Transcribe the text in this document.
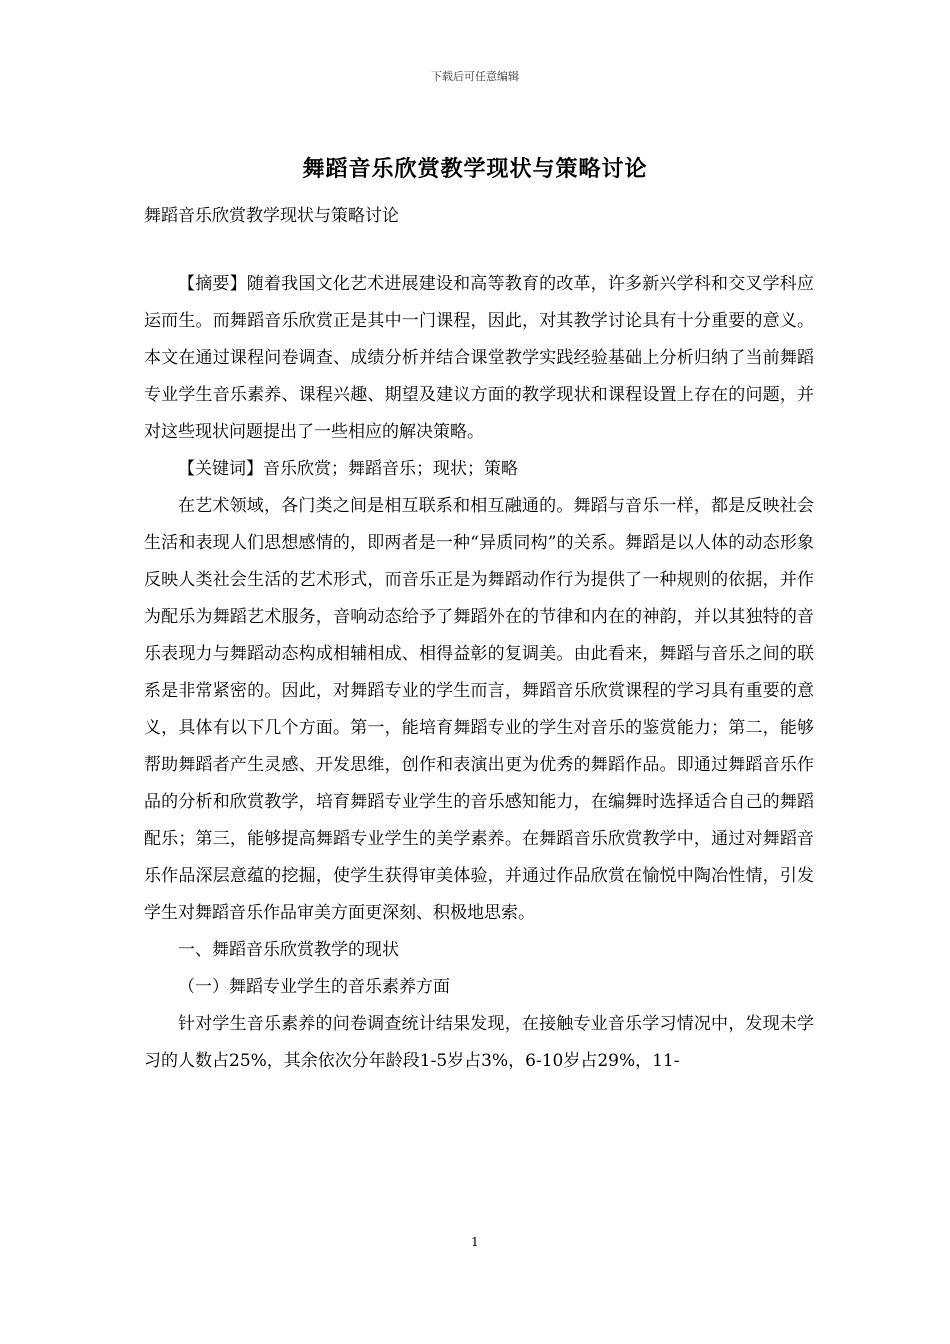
下载后可任意编辑
舞蹈音乐欣赏教学现状与策略讨论
舞蹈音乐欣赏教学现状与策略讨论

【摘要】随着我国文化艺术进展建设和高等教育的改革，许多新兴学科和交叉学科应运而生。而舞蹈音乐欣赏正是其中一门课程，因此，对其教学讨论具有十分重要的意义。本文在通过课程问卷调查、成绩分析并结合课堂教学实践经验基础上分析归纳了当前舞蹈专业学生音乐素养、课程兴趣、期望及建议方面的教学现状和课程设置上存在的问题，并对这些现状问题提出了一些相应的解决策略。

【关键词】音乐欣赏；舞蹈音乐；现状；策略

在艺术领域，各门类之间是相互联系和相互融通的。舞蹈与音乐一样，都是反映社会生活和表现人们思想感情的，即两者是一种“异质同构”的关系。舞蹈是以人体的动态形象反映人类社会生活的艺术形式，而音乐正是为舞蹈动作行为提供了一种规则的依据，并作为配乐为舞蹈艺术服务，音响动态给予了舞蹈外在的节律和内在的神韵，并以其独特的音乐表现力与舞蹈动态构成相辅相成、相得益彰的复调美。由此看来，舞蹈与音乐之间的联系是非常紧密的。因此，对舞蹈专业的学生而言，舞蹈音乐欣赏课程的学习具有重要的意义，具体有以下几个方面。第一，能培育舞蹈专业的学生对音乐的鉴赏能力；第二，能够帮助舞蹈者产生灵感、开发思维，创作和表演出更为优秀的舞蹈作品。即通过舞蹈音乐作品的分析和欣赏教学，培育舞蹈专业学生的音乐感知能力，在编舞时选择适合自己的舞蹈配乐；第三，能够提高舞蹈专业学生的美学素养。在舞蹈音乐欣赏教学中，通过对舞蹈音乐作品深层意蕴的挖掘，使学生获得审美体验，并通过作品欣赏在愉悦中陶冶性情，引发学生对舞蹈音乐作品审美方面更深刻、积极地思索。

一、舞蹈音乐欣赏教学的现状

（一）舞蹈专业学生的音乐素养方面

针对学生音乐素养的问卷调查统计结果发现，在接触专业音乐学习情况中，发现未学习的人数占25%，其余依次分年龄段1-5岁占3%，6-10岁占29%，11-

1
